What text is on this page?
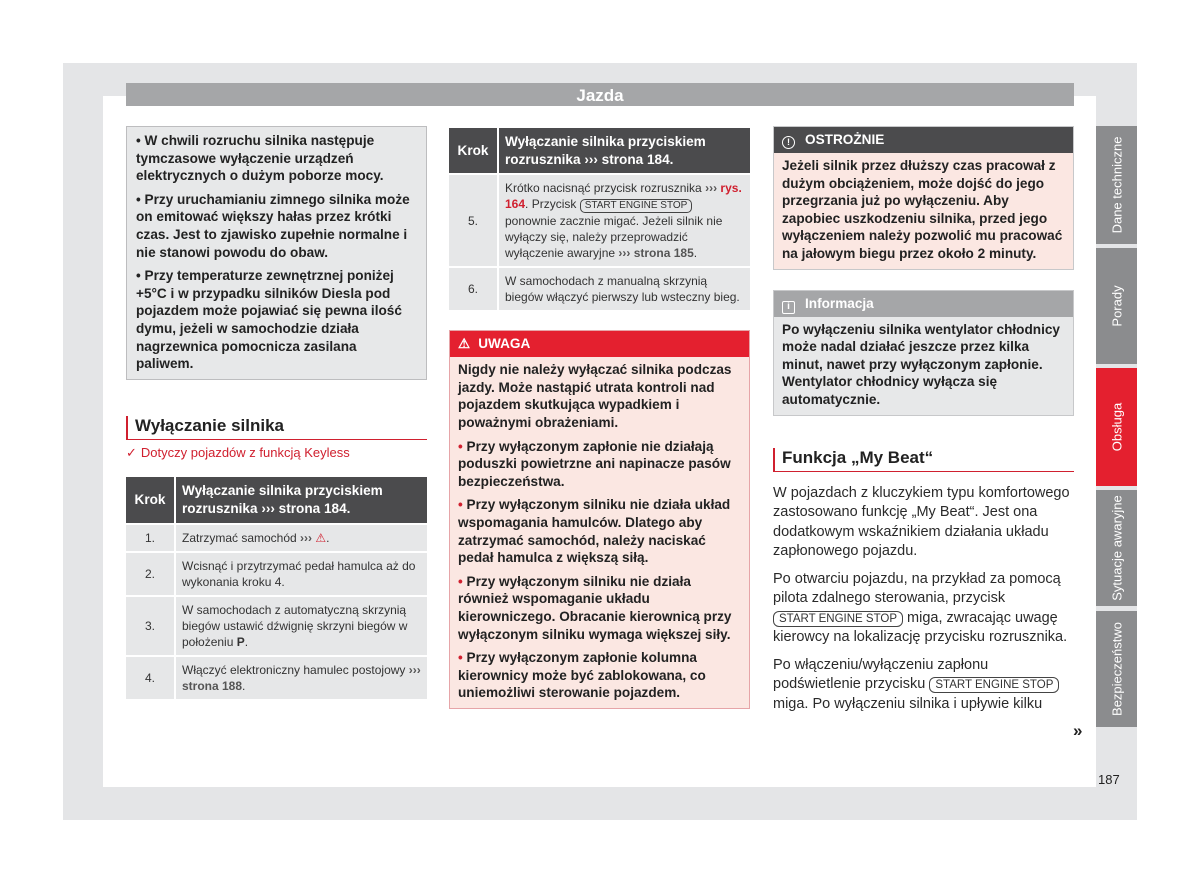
Jazda

• W chwili rozruchu silnika następuje tymczasowe wyłączenie urządzeń elektrycznych o dużym poborze mocy.

• Przy uruchamianiu zimnego silnika może on emitować większy hałas przez krótki czas. Jest to zjawisko zupełnie normalne i nie stanowi powodu do obaw.

• Przy temperaturze zewnętrznej poniżej +5°C i w przypadku silników Diesla pod pojazdem może pojawiać się pewna ilość dymu, jeżeli w samochodzie działa nagrzewnica pomocnicza zasilana paliwem.

Wyłączanie silnika
✓ Dotyczy pojazdów z funkcją Keyless
Krok	Wyłączanie silnika przyciskiem rozrusznika ››› strona 184.
1.	Zatrzymać samochód ››› ⚠.
2.	Wcisnąć i przytrzymać pedał hamulca aż do wykonania kroku 4.
3.	W samochodach z automatyczną skrzynią biegów ustawić dźwignię skrzyni biegów w położeniu P.
4.	Włączyć elektroniczny hamulec postojowy ››› strona 188.
Krok	Wyłączanie silnika przyciskiem rozrusznika ››› strona 184.
5.	Krótko nacisnąć przycisk rozrusznika ››› rys. 164. Przycisk START ENGINE STOP ponownie zacznie migać. Jeżeli silnik nie wyłączy się, należy przeprowadzić wyłączenie awaryjne ››› strona 185.
6.	W samochodach z manualną skrzynią biegów włączyć pierwszy lub wsteczny bieg.
⚠ UWAGA

Nigdy nie należy wyłączać silnika podczas jazdy. Może nastąpić utrata kontroli nad pojazdem skutkująca wypadkiem i poważnymi obrażeniami.

• Przy wyłączonym zapłonie nie działają poduszki powietrzne ani napinacze pasów bezpieczeństwa.

• Przy wyłączonym silniku nie działa układ wspomagania hamulców. Dlatego aby zatrzymać samochód, należy naciskać pedał hamulca z większą siłą.

• Przy wyłączonym silniku nie działa również wspomaganie układu kierowniczego. Obracanie kierownicą przy wyłączonym silniku wymaga większej siły.

• Przy wyłączonym zapłonie kolumna kierownicy może być zablokowana, co uniemożliwi sterowanie pojazdem.

! OSTROŻNIE
Jeżeli silnik przez dłuższy czas pracował z dużym obciążeniem, może dojść do jego przegrzania już po wyłączeniu. Aby zapobiec uszkodzeniu silnika, przed jego wyłączeniem należy pozwolić mu pracować na jałowym biegu przez około 2 minuty.
i Informacja
Po wyłączeniu silnika wentylator chłodnicy może nadal działać jeszcze przez kilka minut, nawet przy wyłączonym zapłonie. Wentylator chłodnicy wyłącza się automatycznie.
Funkcja „My Beat“

W pojazdach z kluczykiem typu komfortowego zastosowano funkcję „My Beat“. Jest ona dodatkowym wskaźnikiem działania układu zapłonowego pojazdu.

Po otwarciu pojazdu, na przykład za pomocą pilota zdalnego sterowania, przycisk START ENGINE STOP miga, zwracając uwagę kierowcy na lokalizację przycisku rozrusznika.

Po włączeniu/wyłączeniu zapłonu podświetlenie przycisku START ENGINE STOP miga. Po wyłączeniu silnika i upływie kilku

»
Dane techniczne
Porady
Obsługa
Sytuacje awaryjne
Bezpieczeństwo
187
